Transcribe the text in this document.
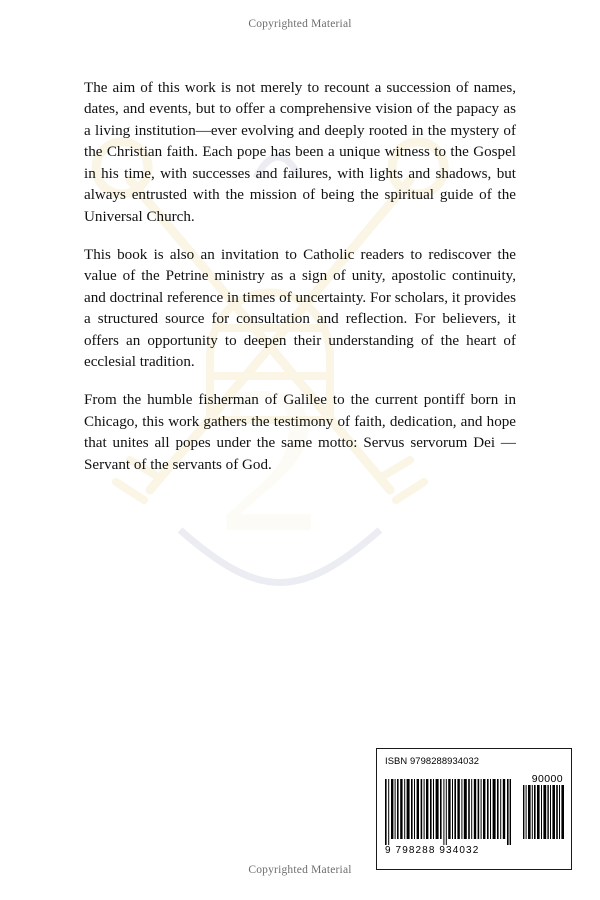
2
Copyrighted Material

The aim of this work is not merely to recount a succession of names, dates, and events, but to offer a comprehensive vision of the papacy as a living institution—ever evolving and deeply rooted in the mystery of the Christian faith. Each pope has been a unique witness to the Gospel in his time, with successes and failures, with lights and shadows, but always entrusted with the mission of being the spiritual guide of the Universal Church.

This book is also an invitation to Catholic readers to rediscover the value of the Petrine ministry as a sign of unity, apostolic continuity, and doctrinal reference in times of uncertainty. For scholars, it provides a structured source for consultation and reflection. For believers, it offers an opportunity to deepen their understanding of the heart of ecclesial tradition.

From the humble fisherman of Galilee to the current pontiff born in Chicago, this work gathers the testimony of faith, dedication, and hope that unites all popes under the same motto: Servus servorum Dei — Servant of the servants of God.

ISBN 9798288934032
90000
9 798288 934032
Copyrighted Material
